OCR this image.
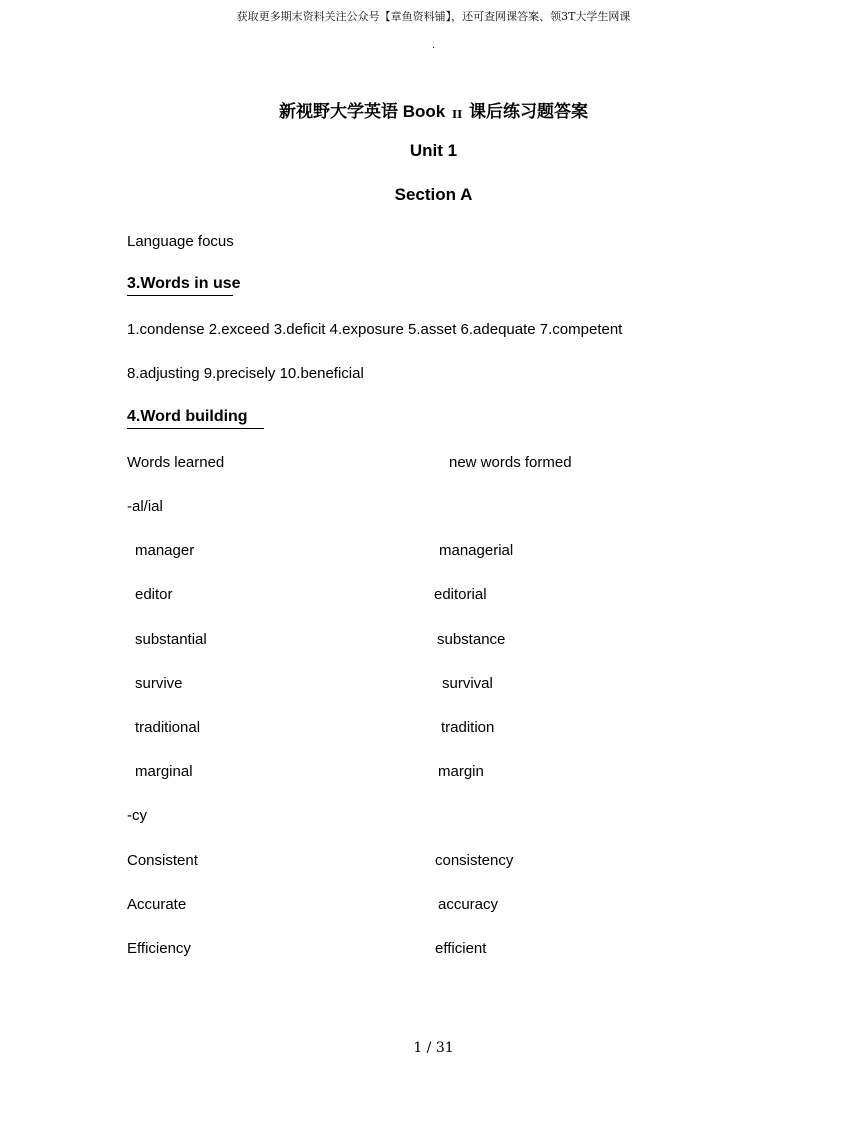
获取更多期末资料关注公众号【章鱼资料铺】，还可查网课答案、领3T大学生网课
.
新视野大学英语 Book II 课后练习题答案
Unit 1
Section A
Language focus
3.Words in use
1.condense 2.exceed 3.deficit 4.exposure 5.asset 6.adequate 7.competent
8.adjusting 9.precisely 10.beneficial
4.Word building
Words learned	new words formed
-al/ial
manager	managerial
editor	editorial
substantial	substance
survive	survival
traditional	tradition
marginal	margin
-cy
Consistent	consistency
Accurate	accuracy
Efficiency	efficient
1 / 31
